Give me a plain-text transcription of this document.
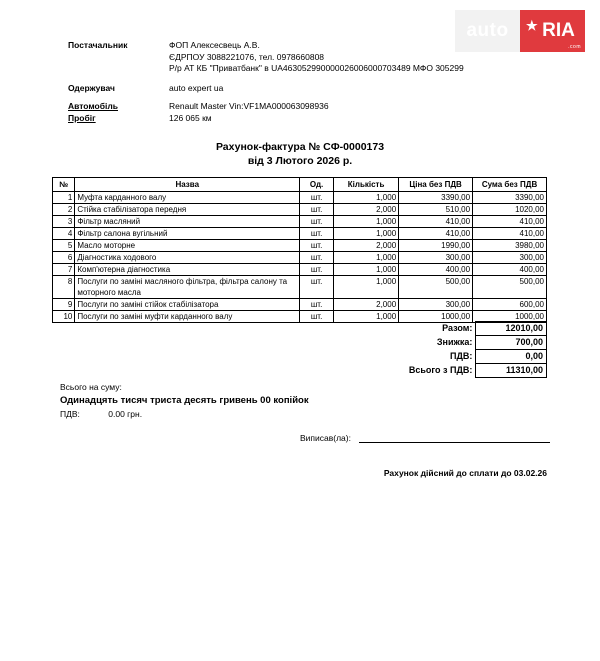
auto ★ RIA
.com
Постачальник	ФОП Алексесвець А.В.
ЄДРПОУ 3088221076, тел. 0978660808
Р/р АТ КБ "Приватбанк" в UA463052990000026006000703489 МФО 305299
Одержувач	auto expert ua
Автомобіль	Renault Master Vin:VF1MA000063098936
Пробіг	126 065 км
Рахунок-фактура № СФ-0000173
від 3 Лютого 2026 р.
№	Назва	Од.	Кількість	Ціна без ПДВ	Сума без ПДВ
1	Муфта карданного валу	шт.	1,000	3390,00	3390,00
2	Стійка стабілізатора передня	шт.	2,000	510,00	1020,00
3	Фільтр масляний	шт.	1,000	410,00	410,00
4	Фільтр салона вугільний	шт.	1,000	410,00	410,00
5	Масло моторне	шт.	2,000	1990,00	3980,00
6	Діагностика ходового	шт.	1,000	300,00	300,00
7	Комп'ютерна діагностика	шт.	1,000	400,00	400,00
8	Послуги по заміні масляного фільтра, фільтра салону та моторного масла	шт.	1,000	500,00	500,00
9	Послуги по заміні стійок стабілізатора	шт.	2,000	300,00	600,00
10	Послуги по заміні муфти карданного валу	шт.	1,000	1000,00	1000,00
Разом:	12010,00
Знижка:	700,00
ПДВ:	0,00
Всього з ПДВ:	11310,00
Всього на суму:
Одинадцять тисяч триста десять гривень 00 копійок
ПДВ:	0.00 грн.
Виписав(ла):
Рахунок дійсний до сплати до 03.02.26
